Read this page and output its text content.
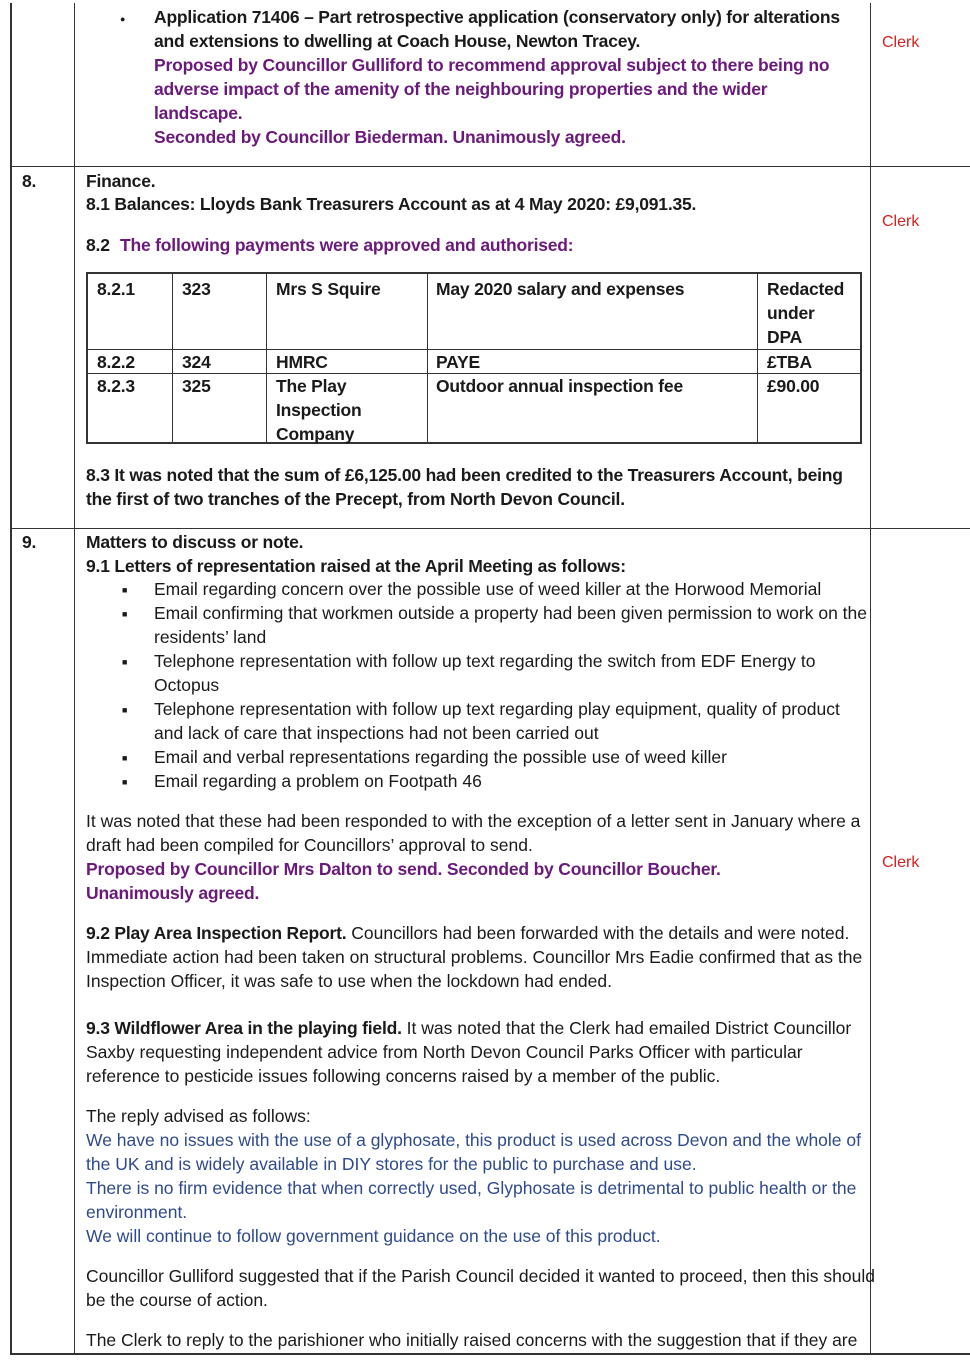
● Application 71406 – Part retrospective application (conservatory only) for alterations
and extensions to dwelling at Coach House, Newton Tracey.
Proposed by Councillor Gulliford to recommend approval subject to there being no
adverse impact of the amenity of the neighbouring properties and the wider
landscape.
Seconded by Councillor Biederman. Unanimously agreed.
Clerk
8.	Finance.
8.1 Balances: Lloyds Bank Treasurers Account as at 4 May 2020: £9,091.35.
8.2 The following payments were approved and authorised:
Clerk
8.2.1	323	Mrs S Squire	May 2020 salary and expenses	Redacted
under
DPA
8.2.2	324	HMRC	PAYE	£TBA
8.2.3	325	The Play
Inspection
Company
Outdoor annual inspection fee	£90.00
8.3 It was noted that the sum of £6,125.00 had been credited to the Treasurers Account, being
the first of two tranches of the Precept, from North Devon Council.
9.	Matters to discuss or note.
9.1 Letters of representation raised at the April Meeting as follows:
■ Email regarding concern over the possible use of weed killer at the Horwood Memorial
■ Email confirming that workmen outside a property had been given permission to work on the
residents’ land
■ Telephone representation with follow up text regarding the switch from EDF Energy to
Octopus
■ Telephone representation with follow up text regarding play equipment, quality of product
and lack of care that inspections had not been carried out
■ Email and verbal representations regarding the possible use of weed killer
■ Email regarding a problem on Footpath 46
It was noted that these had been responded to with the exception of a letter sent in January where a
draft had been compiled for Councillors’ approval to send.
Proposed by Councillor Mrs Dalton to send. Seconded by Councillor Boucher.
Unanimously agreed.
Clerk
9.2 Play Area Inspection Report. Councillors had been forwarded with the details and were noted.
Immediate action had been taken on structural problems. Councillor Mrs Eadie confirmed that as the
Inspection Officer, it was safe to use when the lockdown had ended.
9.3 Wildflower Area in the playing field. It was noted that the Clerk had emailed District Councillor
Saxby requesting independent advice from North Devon Council Parks Officer with particular
reference to pesticide issues following concerns raised by a member of the public.
The reply advised as follows:
We have no issues with the use of a glyphosate, this product is used across Devon and the whole of
the UK and is widely available in DIY stores for the public to purchase and use.
There is no firm evidence that when correctly used, Glyphosate is detrimental to public health or the
environment.
We will continue to follow government guidance on the use of this product.
Councillor Gulliford suggested that if the Parish Council decided it wanted to proceed, then this should
be the course of action.
The Clerk to reply to the parishioner who initially raised concerns with the suggestion that if they are
